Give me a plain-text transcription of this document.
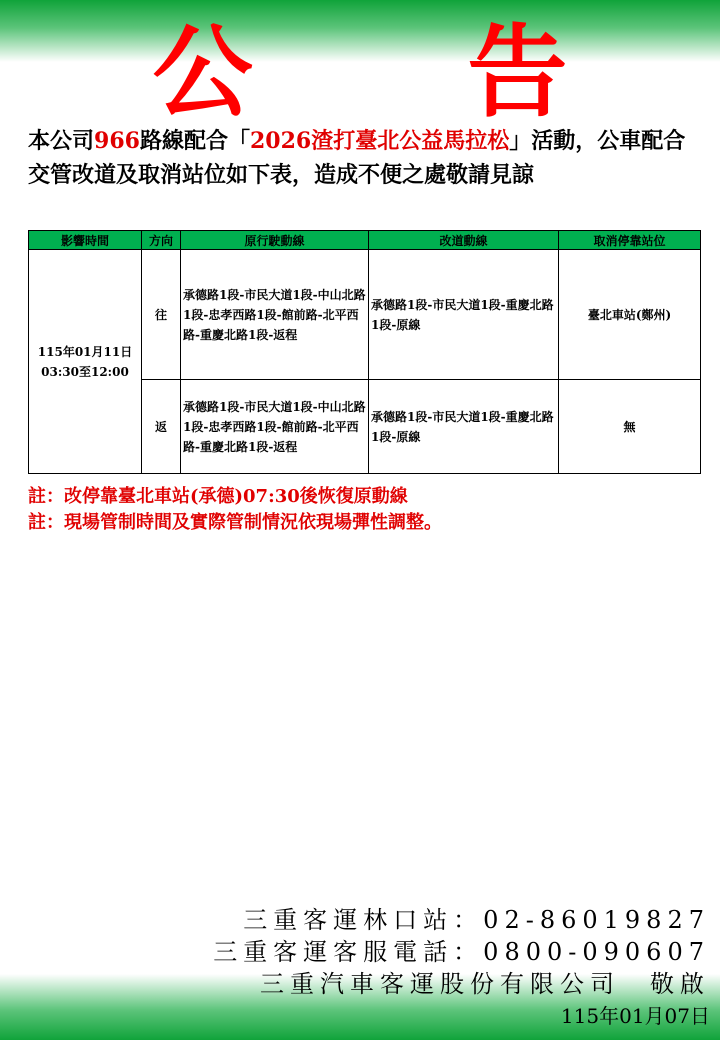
公 告
本公司966路線配合「2026渣打臺北公益馬拉松」活動，公車配合交管改道及取消站位如下表，造成不便之處敬請見諒
影響時間	方向	原行駛動線	改道動線	取消停靠站位
115年01月11日
03:30至12:00	往	承德路1段-市民大道1段-中山北路1段-忠孝西路1段-館前路-北平西路-重慶北路1段-返程	承德路1段-市民大道1段-重慶北路1段-原線	臺北車站(鄭州)
	返	承德路1段-市民大道1段-中山北路1段-忠孝西路1段-館前路-北平西路-重慶北路1段-返程	承德路1段-市民大道1段-重慶北路1段-原線	無
註：改停靠臺北車站(承德)07:30後恢復原動線
註：現場管制時間及實際管制情況依現場彈性調整。
三重客運林口站：02-86019827
三重客運客服電話：0800-090607
三重汽車客運股份有限公司　敬啟
115年01月07日
